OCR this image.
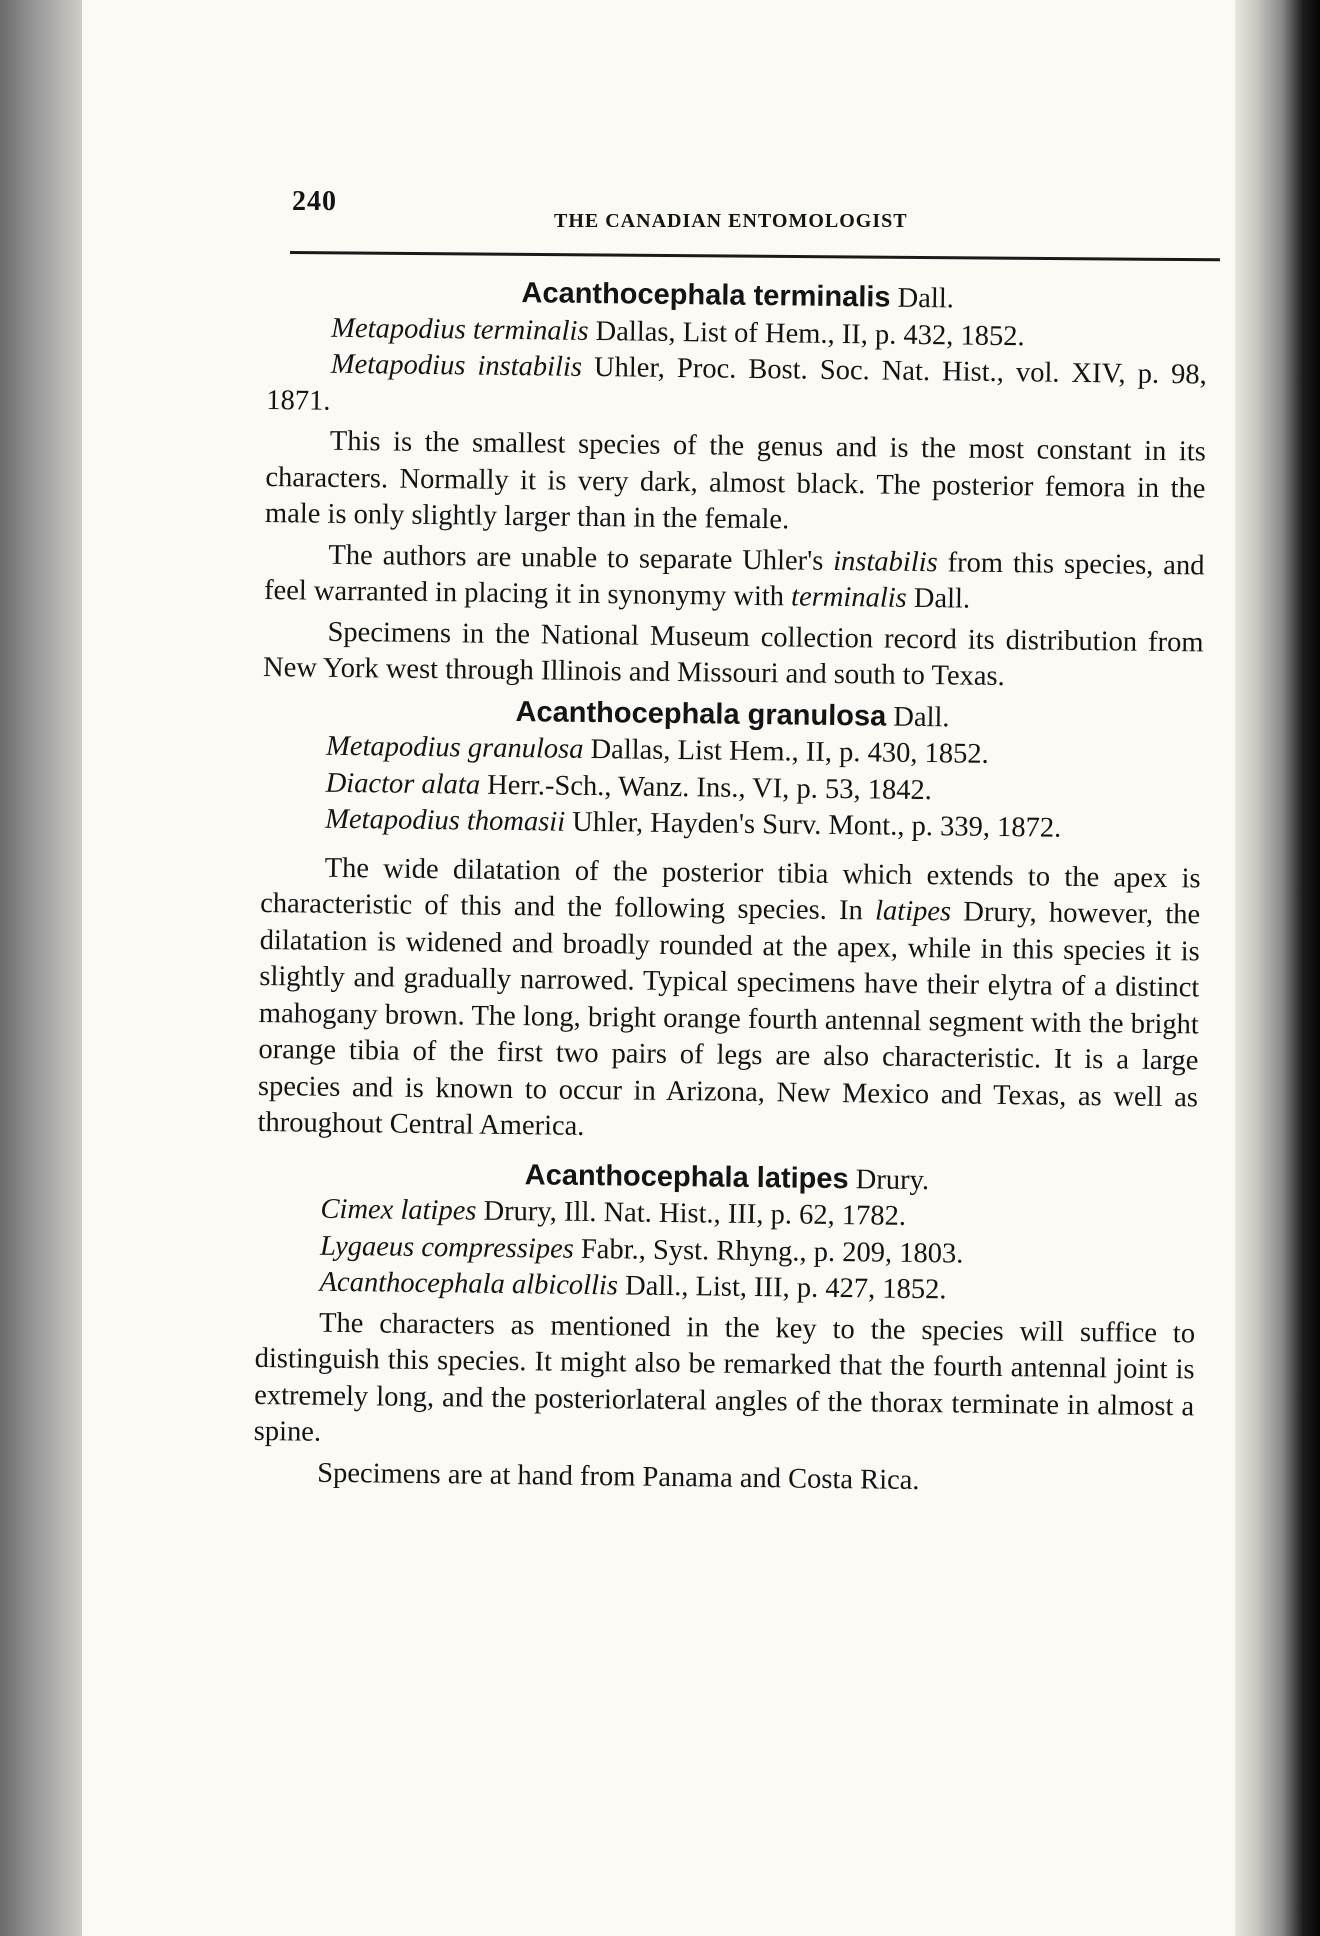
240
THE CANADIAN ENTOMOLOGIST

Acanthocephala terminalis Dall.

Metapodius terminalis Dallas, List of Hem., II, p. 432, 1852.

Metapodius instabilis Uhler, Proc. Bost. Soc. Nat. Hist., vol. XIV, p. 98, 1871.

This is the smallest species of the genus and is the most constant in its characters. Normally it is very dark, almost black. The posterior femora in the male is only slightly larger than in the female.

The authors are unable to separate Uhler's instabilis from this species, and feel warranted in placing it in synonymy with terminalis Dall.

Specimens in the National Museum collection record its distribution from New York west through Illinois and Missouri and south to Texas.

Acanthocephala granulosa Dall.

Metapodius granulosa Dallas, List Hem., II, p. 430, 1852.

Diactor alata Herr.-Sch., Wanz. Ins., VI, p. 53, 1842.

Metapodius thomasii Uhler, Hayden's Surv. Mont., p. 339, 1872.

The wide dilatation of the posterior tibia which extends to the apex is characteristic of this and the following species. In latipes Drury, however, the dilatation is widened and broadly rounded at the apex, while in this species it is slightly and gradually narrowed. Typical specimens have their elytra of a distinct mahogany brown. The long, bright orange fourth antennal segment with the bright orange tibia of the first two pairs of legs are also characteristic. It is a large species and is known to occur in Arizona, New Mexico and Texas, as well as throughout Central America.

Acanthocephala latipes Drury.

Cimex latipes Drury, Ill. Nat. Hist., III, p. 62, 1782.

Lygaeus compressipes Fabr., Syst. Rhyng., p. 209, 1803.

Acanthocephala albicollis Dall., List, III, p. 427, 1852.

The characters as mentioned in the key to the species will suffice to distinguish this species. It might also be remarked that the fourth antennal joint is extremely long, and the posteriorlateral angles of the thorax terminate in almost a spine.

Specimens are at hand from Panama and Costa Rica.
